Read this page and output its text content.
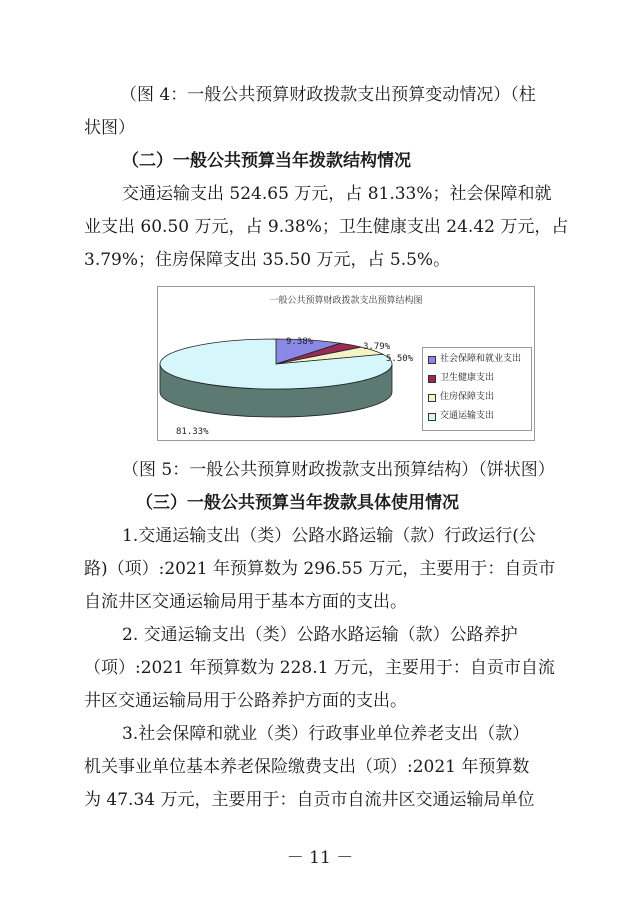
（图 4：一般公共预算财政拨款支出预算变动情况）（柱
状图）
（二）一般公共预算当年拨款结构情况
交通运输支出 524.65 万元，占 81.33%；社会保障和就
业支出 60.50 万元，占 9.38%；卫生健康支出 24.42 万元，占
3.79%；住房保障支出 35.50 万元，占 5.5%。
一般公共预算财政拨款支出预算结构图
9.38%	3.79%
5.50%
81.33%
社会保障和就业支出
卫生健康支出
住房保障支出
交通运输支出
（图 5：一般公共预算财政拨款支出预算结构）（饼状图）
（三）一般公共预算当年拨款具体使用情况
1.交通运输支出（类）公路水路运输（款）行政运行(公
路)（项）:2021 年预算数为 296.55 万元，主要用于：自贡市
自流井区交通运输局用于基本方面的支出。
2. 交通运输支出（类）公路水路运输（款）公路养护
（项）:2021 年预算数为 228.1 万元，主要用于：自贡市自流
井区交通运输局用于公路养护方面的支出。
3.社会保障和就业（类）行政事业单位养老支出（款）
机关事业单位基本养老保险缴费支出（项）:2021 年预算数
为 47.34 万元，主要用于：自贡市自流井区交通运输局单位
－ 11 －
